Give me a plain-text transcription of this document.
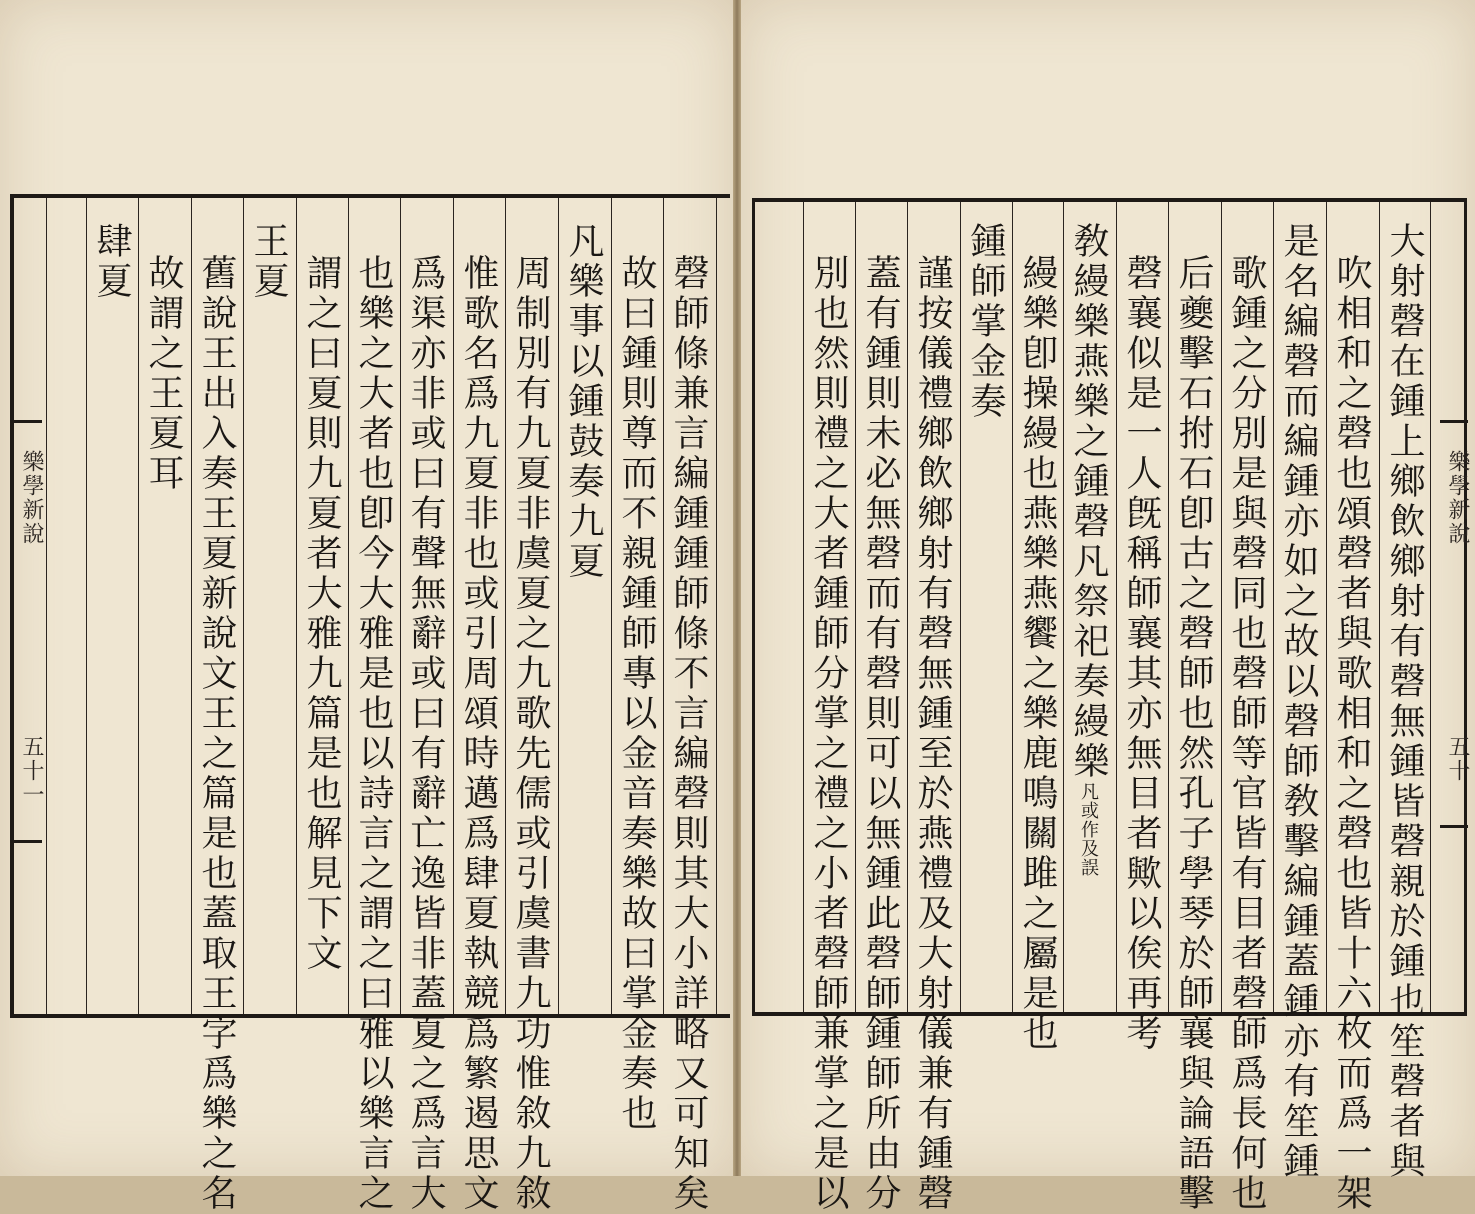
樂學新說
五十一
樂學新說
五十
大射磬在鍾上鄉飲鄉射有磬無鍾皆磬親於鍾也笙磬者與
吹相和之磬也頌磬者與歌相和之磬也皆十六枚而爲一架
是名編磬而編鍾亦如之故以磬師敎擊編鍾蓋鍾亦有笙鍾
歌鍾之分別是與磬同也磬師等官皆有目者磬師爲長何也
后夔擊石拊石卽古之磬師也然孔子學琴於師襄與論語擊
磬襄似是一人旣稱師襄其亦無目者歟以俟再考
敎縵樂燕樂之鍾磬凡祭祀奏縵樂凡或作及誤
縵樂卽操縵也燕樂燕饗之樂鹿鳴關雎之屬是也
鍾師掌金奏
謹按儀禮鄉飲鄉射有磬無鍾至於燕禮及大射儀兼有鍾磬
蓋有鍾則未必無磬而有磬則可以無鍾此磬師鍾師所由分
別也然則禮之大者鍾師分掌之禮之小者磬師兼掌之是以
磬師條兼言編鍾鍾師條不言編磬則其大小詳略又可知矣
故曰鍾則尊而不親鍾師專以金音奏樂故曰掌金奏也
凡樂事以鍾鼓奏九夏
周制別有九夏非虞夏之九歌先儒或引虞書九功惟敘九敘
惟歌名爲九夏非也或引周頌時邁爲肆夏執競爲繁遏思文
爲渠亦非或曰有聲無辭或曰有辭亡逸皆非蓋夏之爲言大
也樂之大者也卽今大雅是也以詩言之謂之曰雅以樂言之
謂之曰夏則九夏者大雅九篇是也解見下文
王夏
舊說王出入奏王夏新說文王之篇是也蓋取王字爲樂之名
故謂之王夏耳
肆夏
